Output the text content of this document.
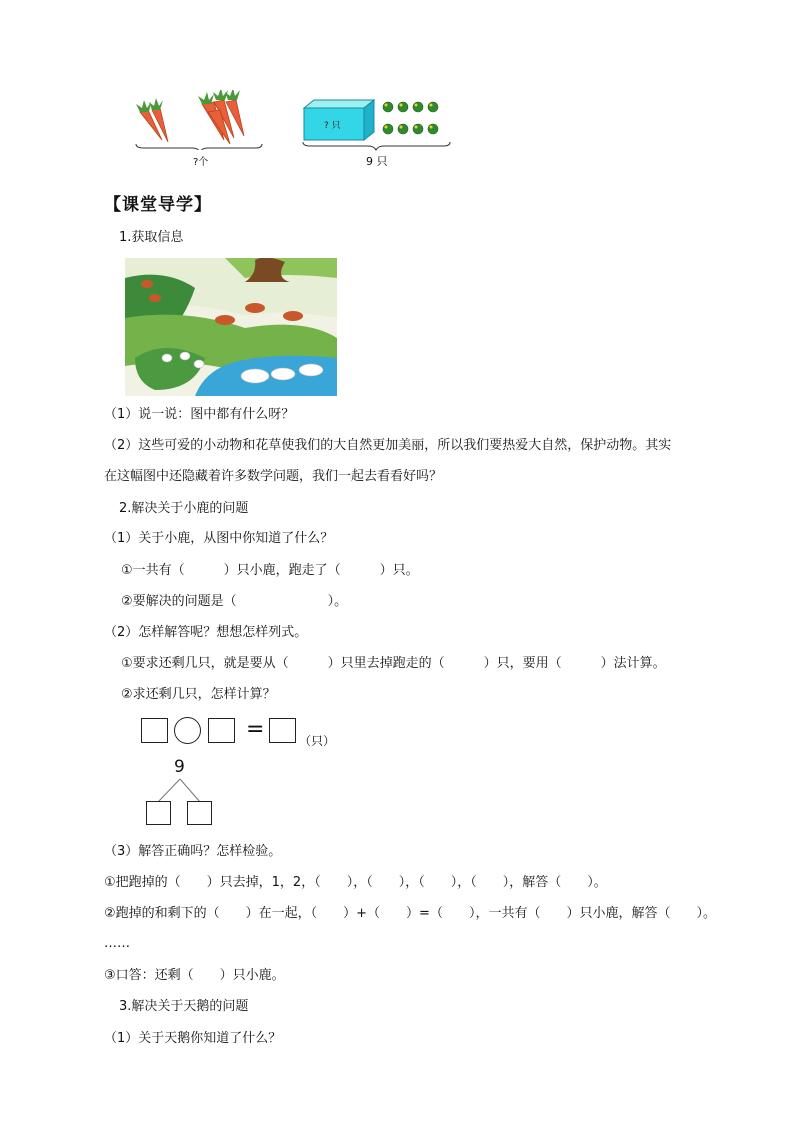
?个
? 只
9 只
【课堂导学】
1.获取信息
（1）说一说：图中都有什么呀？
（2）这些可爱的小动物和花草使我们的大自然更加美丽，所以我们要热爱大自然，保护动物。其实
在这幅图中还隐藏着许多数学问题，我们一起去看看好吗？
2.解决关于小鹿的问题
（1）关于小鹿，从图中你知道了什么？
①一共有（　　　）只小鹿，跑走了（　　　）只。
②要解决的问题是（　　　　　　　）。
（2）怎样解答呢？想想怎样列式。
①要求还剩几只，就是要从（　　　）只里去掉跑走的（　　　）只，要用（　　　）法计算。
②求还剩几只，怎样计算？
=	（只）
9
（3）解答正确吗？怎样检验。
①把跑掉的（　　）只去掉，1，2，（　　），（　　），（　　），（　　），解答（　　）。
②跑掉的和剩下的（　　）在一起，（　　）+（　　）=（　　），一共有（　　）只小鹿，解答（　　）。
……
③口答：还剩（　　）只小鹿。
3.解决关于天鹅的问题
（1）关于天鹅你知道了什么？
